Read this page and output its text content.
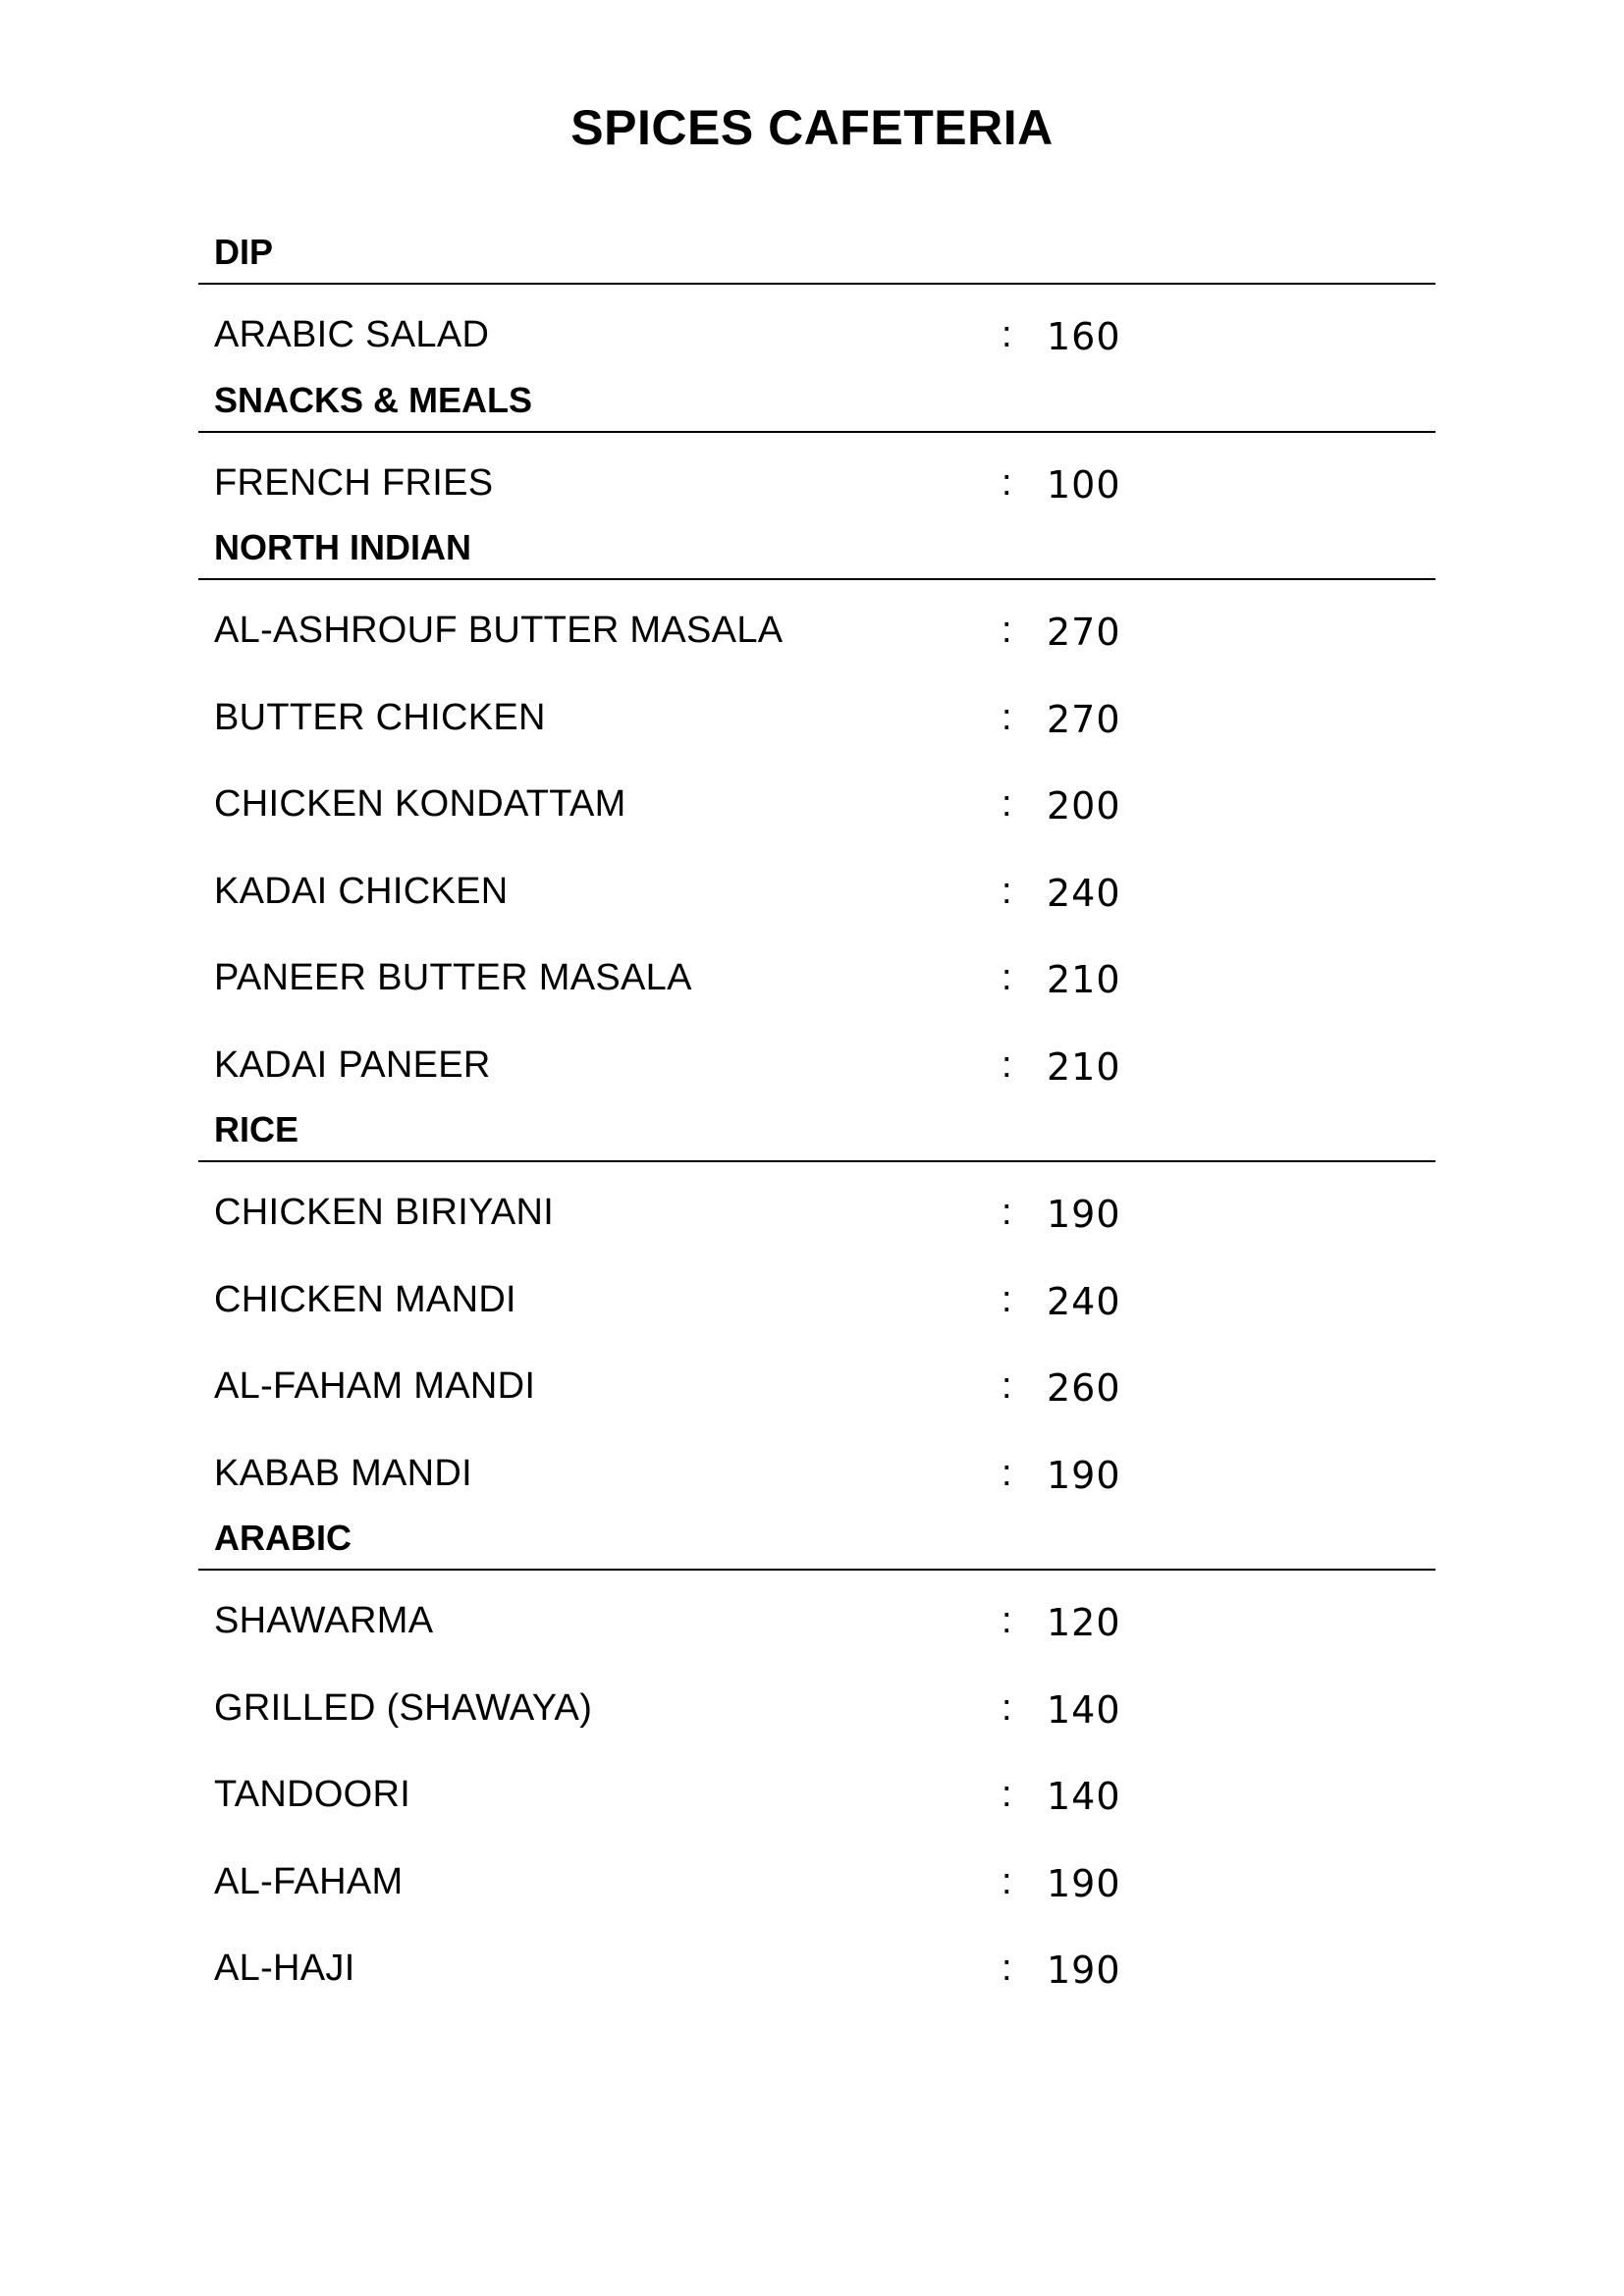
SPICES CAFETERIA
DIP
ARABIC SALAD	: 160
SNACKS & MEALS
FRENCH FRIES	: 100
NORTH INDIAN
AL-ASHROUF BUTTER MASALA	: 270
BUTTER CHICKEN	: 270
CHICKEN KONDATTAM	: 200
KADAI CHICKEN	: 240
PANEER BUTTER MASALA	: 210
KADAI PANEER	: 210
RICE
CHICKEN BIRIYANI	: 190
CHICKEN MANDI	: 240
AL-FAHAM MANDI	: 260
KABAB MANDI	: 190
ARABIC
SHAWARMA	: 120
GRILLED (SHAWAYA)	: 140
TANDOORI	: 140
AL-FAHAM	: 190
AL-HAJI	: 190
